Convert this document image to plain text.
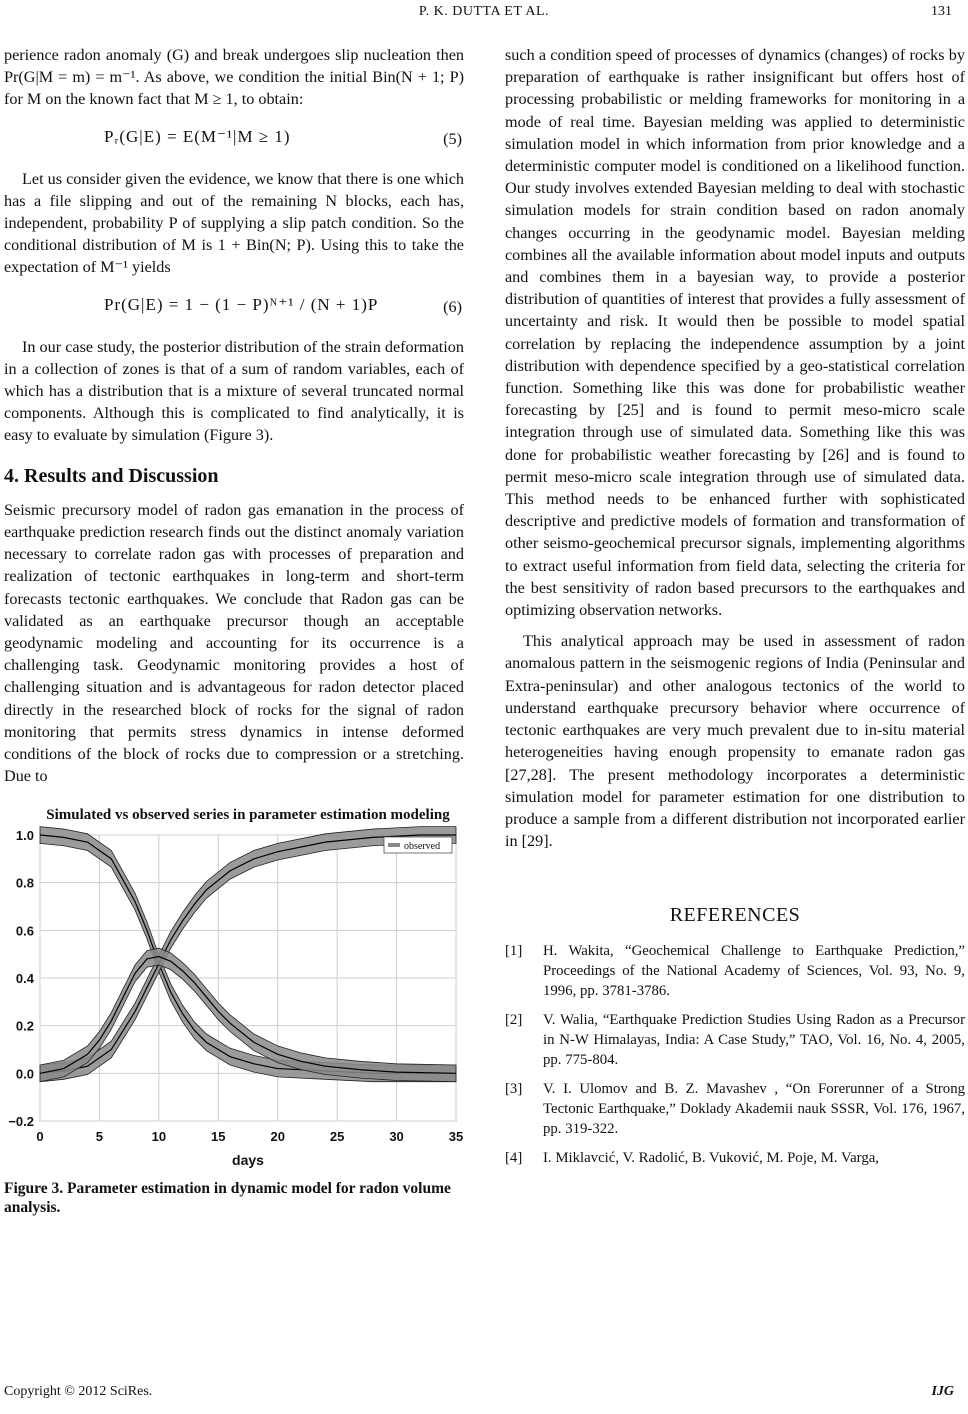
P. K. DUTTA ET AL.	131

perience radon anomaly (G) and break undergoes slip nucleation then Pr(G|M = m) = m⁻¹. As above, we condition the initial Bin(N + 1; P) for M on the known fact that M ≥ 1, to obtain:

Pᵣ(G|E) = E(M⁻¹|M ≥ 1)	(5)

Let us consider given the evidence, we know that there is one which has a file slipping and out of the remaining N blocks, each has, independent, probability P of supplying a slip patch condition. So the conditional distribution of M is 1 + Bin(N; P). Using this to take the expectation of M⁻¹ yields

Pr(G|E) = 1 − (1 − P)ᴺ⁺¹ / (N + 1)P	(6)

In our case study, the posterior distribution of the strain deformation in a collection of zones is that of a sum of random variables, each of which has a distribution that is a mixture of several truncated normal components. Although this is complicated to find analytically, it is easy to evaluate by simulation (Figure 3).

4. Results and Discussion

Seismic precursory model of radon gas emanation in the process of earthquake prediction research finds out the distinct anomaly variation necessary to correlate radon gas with processes of preparation and realization of tectonic earthquakes in long-term and short-term forecasts tectonic earthquakes. We conclude that Radon gas can be validated as an earthquake precursor though an acceptable geodynamic modeling and accounting for its occurrence is a challenging task. Geodynamic monitoring provides a host of challenging situation and is advantageous for radon detector placed directly in the researched block of rocks for the signal of radon monitoring that permits stress dynamics in intense deformed conditions of the block of rocks due to compression or a stretching. Due to

Simulated vs observed series in parameter estimation modeling
1.0
0.8
0.6
0.4
0.2
0.0
−0.2
0	5	10	15	20	25	30	35
days
observed
Figure 3. Parameter estimation in dynamic model for radon volume analysis.

such a condition speed of processes of dynamics (changes) of rocks by preparation of earthquake is rather insignificant but offers host of processing probabilistic or melding frameworks for monitoring in a mode of real time. Bayesian melding was applied to deterministic simulation model in which information from prior knowledge and a deterministic computer model is conditioned on a likelihood function. Our study involves extended Bayesian melding to deal with stochastic simulation models for strain condition based on radon anomaly changes occurring in the geodynamic model. Bayesian melding combines all the available information about model inputs and outputs and combines them in a bayesian way, to provide a posterior distribution of quantities of interest that provides a fully assessment of uncertainty and risk. It would then be possible to model spatial correlation by replacing the independence assumption by a joint distribution with dependence specified by a geo-statistical correlation function. Something like this was done for probabilistic weather forecasting by [25] and is found to permit meso-micro scale integration through use of simulated data. Something like this was done for probabilistic weather forecasting by [26] and is found to permit meso-micro scale integration through use of simulated data. This method needs to be enhanced further with sophisticated descriptive and predictive models of formation and transformation of other seismo-geochemical precursor signals, implementing algorithms to extract useful information from field data, selecting the criteria for the best sensitivity of radon based precursors to the earthquakes and optimizing observation networks.

This analytical approach may be used in assessment of radon anomalous pattern in the seismogenic regions of India (Peninsular and Extra-peninsular) and other analogous tectonics of the world to understand earthquake precursory behavior where occurrence of tectonic earthquakes are very much prevalent due to in-situ material heterogeneities having enough propensity to emanate radon gas [27,28]. The present methodology incorporates a deterministic simulation model for parameter estimation for one distribution to produce a sample from a different distribution not incorporated earlier in [29].

REFERENCES
[1] H. Wakita, “Geochemical Challenge to Earthquake Prediction,” Proceedings of the National Academy of Sciences, Vol. 93, No. 9, 1996, pp. 3781-3786.
[2] V. Walia, “Earthquake Prediction Studies Using Radon as a Precursor in N-W Himalayas, India: A Case Study,” TAO, Vol. 16, No. 4, 2005, pp. 775-804.
[3] V. I. Ulomov and B. Z. Mavashev , “On Forerunner of a Strong Tectonic Earthquake,” Doklady Akademii nauk SSSR, Vol. 176, 1967, pp. 319-322.
[4] I. Miklavcić, V. Radolić, B. Vuković, M. Poje, M. Varga,
Copyright © 2012 SciRes.	IJG
